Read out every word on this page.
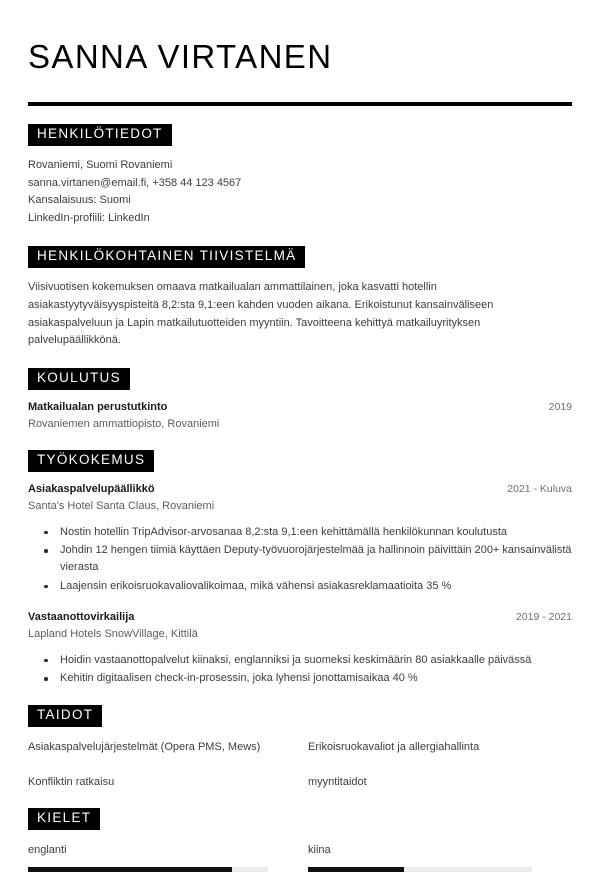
SANNA VIRTANEN
HENKILÖTIEDOT
Rovaniemi, Suomi Rovaniemi
sanna.virtanen@email.fi, +358 44 123 4567
Kansalaisuus: Suomi
LinkedIn-profiili: LinkedIn
HENKILÖKOHTAINEN TIIVISTELMÄ

Viisivuotisen kokemuksen omaava matkailualan ammattilainen, joka kasvatti hotellin asiakastyytyväisyyspisteitä 8,2:sta 9,1:een kahden vuoden aikana. Erikoistunut kansainväliseen asiakaspalveluun ja Lapin matkailutuotteiden myyntiin. Tavoitteena kehittyä matkailuyrityksen palvelupäällikkönä.

KOULUTUS
Matkailualan perustutkinto	2019
Rovaniemen ammattiopisto, Rovaniemi
TYÖKOKEMUS
Asiakaspalvelupäällikkö	2021 - Kuluva
Santa's Hotel Santa Claus, Rovaniemi
Nostin hotellin TripAdvisor-arvosanaa 8,2:sta 9,1:een kehittämällä henkilökunnan koulutusta
Johdin 12 hengen tiimiä käyttäen Deputy-työvuorojärjestelmää ja hallinnoin päivittäin 200+ kansainvälistä vierasta
Laajensin erikoisruokavaliovalikoimaa, mikä vähensi asiakasreklamaatioita 35 %
Vastaanottovirkailija	2019 - 2021
Lapland Hotels SnowVillage, Kittilä
Hoidin vastaanottopalvelut kiinaksi, englanniksi ja suomeksi keskimäärin 80 asiakkaalle päivässä
Kehitin digitaalisen check-in-prosessin, joka lyhensi jonottamisaikaa 40 %
TAIDOT
Asiakaspalvelujärjestelmät (Opera PMS, Mews)	Erikoisruokavaliot ja allergiahallinta
Konfliktin ratkaisu	myyntitaidot
KIELET
englanti	kiina
